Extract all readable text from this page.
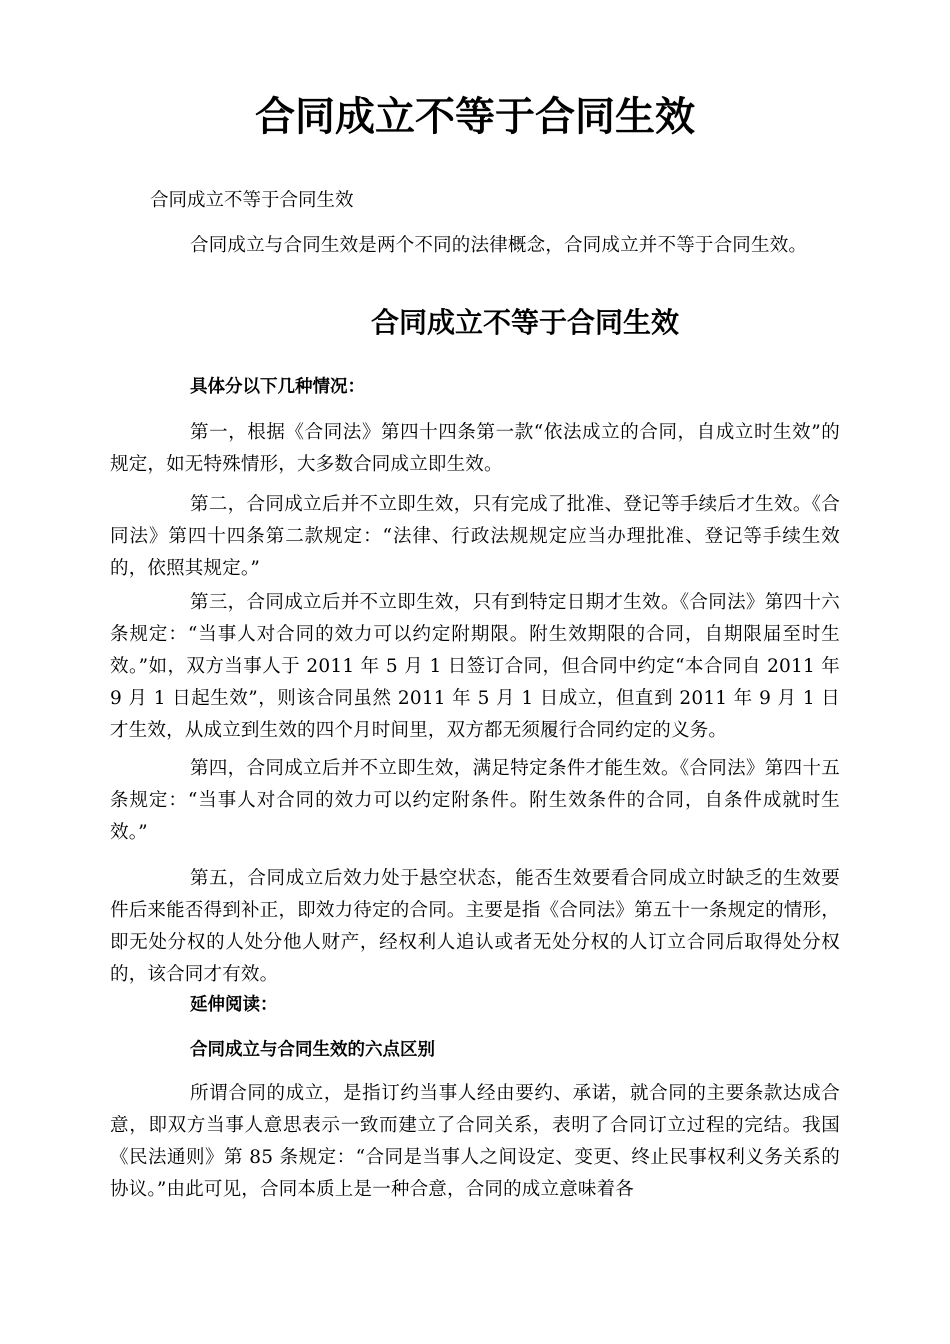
合同成立不等于合同生效

合同成立不等于合同生效

合同成立与合同生效是两个不同的法律概念，合同成立并不等于合同生效。

合同成立不等于合同生效

具体分以下几种情况：

第一，根据《合同法》第四十四条第一款“依法成立的合同，自成立时生效”的规定，如无特殊情形，大多数合同成立即生效。

第二，合同成立后并不立即生效，只有完成了批准、登记等手续后才生效。《合同法》第四十四条第二款规定：“法律、行政法规规定应当办理批准、登记等手续生效的，依照其规定。”

第三，合同成立后并不立即生效，只有到特定日期才生效。《合同法》第四十六条规定：“当事人对合同的效力可以约定附期限。附生效期限的合同，自期限届至时生效。”如，双方当事人于 2011 年 5 月 1 日签订合同，但合同中约定“本合同自 2011 年 9 月 1 日起生效”，则该合同虽然 2011 年 5 月 1 日成立，但直到 2011 年 9 月 1 日才生效，从成立到生效的四个月时间里，双方都无须履行合同约定的义务。

第四，合同成立后并不立即生效，满足特定条件才能生效。《合同法》第四十五条规定：“当事人对合同的效力可以约定附条件。附生效条件的合同，自条件成就时生效。”

第五，合同成立后效力处于悬空状态，能否生效要看合同成立时缺乏的生效要件后来能否得到补正，即效力待定的合同。主要是指《合同法》第五十一条规定的情形，即无处分权的人处分他人财产，经权利人追认或者无处分权的人订立合同后取得处分权的，该合同才有效。

延伸阅读：

合同成立与合同生效的六点区别

所谓合同的成立，是指订约当事人经由要约、承诺，就合同的主要条款达成合意，即双方当事人意思表示一致而建立了合同关系，表明了合同订立过程的完结。我国《民法通则》第 85 条规定：“合同是当事人之间设定、变更、终止民事权利义务关系的协议。”由此可见，合同本质上是一种合意，合同的成立意味着各
